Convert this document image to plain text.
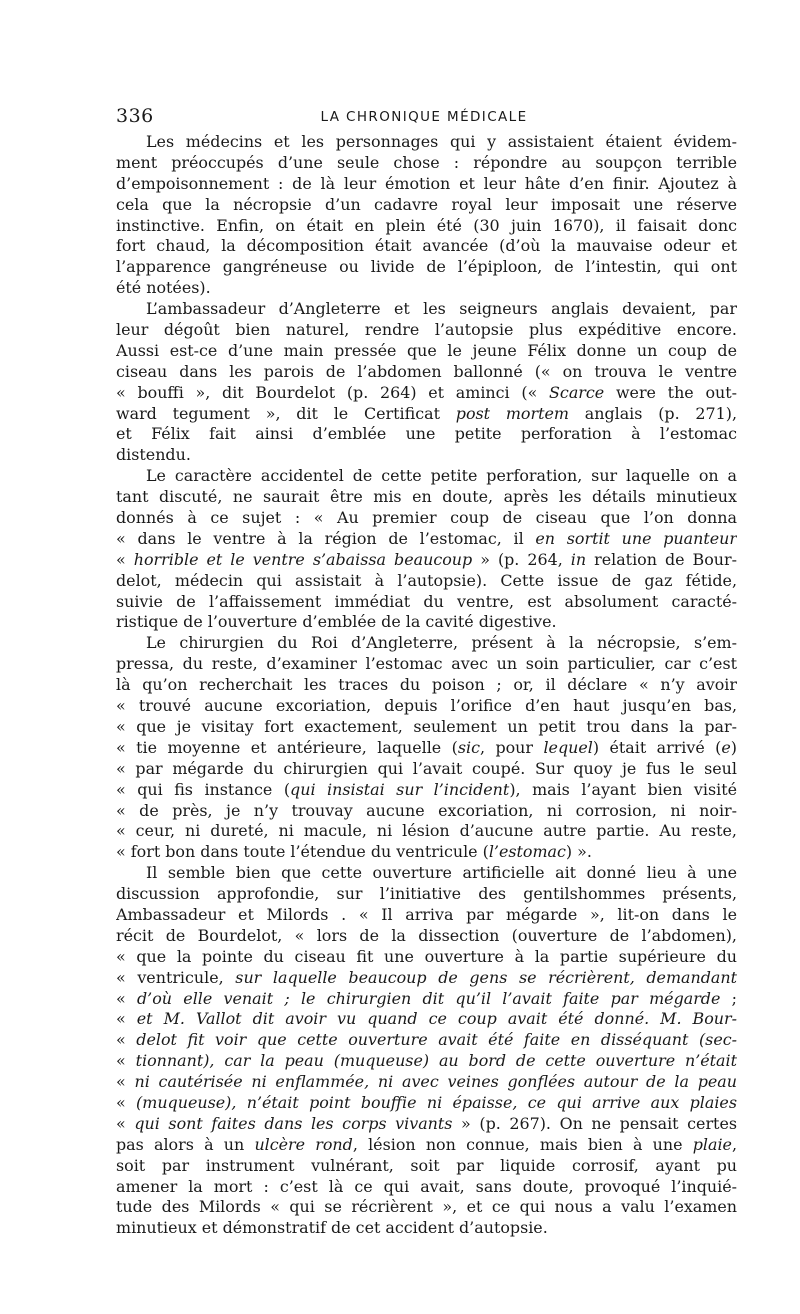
336	LA CHRONIQUE MÉDICALE
Les médecins et les personnages qui y assistaient étaient évidem-
ment préoccupés d’une seule chose : répondre au soupçon terrible
d’empoisonnement : de là leur émotion et leur hâte d’en finir. Ajoutez à
cela que la nécropsie d’un cadavre royal leur imposait une réserve
instinctive. Enfin, on était en plein été (30 juin 1670), il faisait donc
fort chaud, la décomposition était avancée (d’où la mauvaise odeur et
l’apparence gangréneuse ou livide de l’épiploon, de l’intestin, qui ont
été notées).
L’ambassadeur d’Angleterre et les seigneurs anglais devaient, par
leur dégoût bien naturel, rendre l’autopsie plus expéditive encore.
Aussi est-ce d’une main pressée que le jeune Félix donne un coup de
ciseau dans les parois de l’abdomen ballonné (« on trouva le ventre
« bouffi », dit Bourdelot (p. 264) et aminci (« Scarce were the out-
ward tegument », dit le Certificat post mortem anglais (p. 271),
et Félix fait ainsi d’emblée une petite perforation à l’estomac
distendu.
Le caractère accidentel de cette petite perforation, sur laquelle on a
tant discuté, ne saurait être mis en doute, après les détails minutieux
donnés à ce sujet : « Au premier coup de ciseau que l’on donna
« dans le ventre à la région de l’estomac, il en sortit une puanteur
« horrible et le ventre s’abaissa beaucoup » (p. 264, in relation de Bour-
delot, médecin qui assistait à l’autopsie). Cette issue de gaz fétide,
suivie de l’affaissement immédiat du ventre, est absolument caracté-
ristique de l’ouverture d’emblée de la cavité digestive.
Le chirurgien du Roi d’Angleterre, présent à la nécropsie, s’em-
pressa, du reste, d’examiner l’estomac avec un soin particulier, car c’est
là qu’on recherchait les traces du poison ; or, il déclare « n’y avoir
« trouvé aucune excoriation, depuis l’orifice d’en haut jusqu’en bas,
« que je visitay fort exactement, seulement un petit trou dans la par-
« tie moyenne et antérieure, laquelle (sic, pour lequel) était arrivé (e)
« par mégarde du chirurgien qui l’avait coupé. Sur quoy je fus le seul
« qui fis instance (qui insistai sur l’incident), mais l’ayant bien visité
« de près, je n’y trouvay aucune excoriation, ni corrosion, ni noir-
« ceur, ni dureté, ni macule, ni lésion d’aucune autre partie. Au reste,
« fort bon dans toute l’étendue du ventricule (l’estomac) ».
Il semble bien que cette ouverture artificielle ait donné lieu à une
discussion approfondie, sur l’initiative des gentilshommes présents,
Ambassadeur et Milords . « Il arriva par mégarde », lit-on dans le
récit de Bourdelot, « lors de la dissection (ouverture de l’abdomen),
« que la pointe du ciseau fit une ouverture à la partie supérieure du
« ventricule, sur laquelle beaucoup de gens se récrièrent, demandant
« d’où elle venait ; le chirurgien dit qu’il l’avait faite par mégarde ;
« et M. Vallot dit avoir vu quand ce coup avait été donné. M. Bour-
« delot fit voir que cette ouverture avait été faite en disséquant (sec-
« tionnant), car la peau (muqueuse) au bord de cette ouverture n’était
« ni cautérisée ni enflammée, ni avec veines gonflées autour de la peau
« (muqueuse), n’était point bouffie ni épaisse, ce qui arrive aux plaies
« qui sont faites dans les corps vivants » (p. 267). On ne pensait certes
pas alors à un ulcère rond, lésion non connue, mais bien à une plaie,
soit par instrument vulnérant, soit par liquide corrosif, ayant pu
amener la mort : c’est là ce qui avait, sans doute, provoqué l’inquié-
tude des Milords « qui se récrièrent », et ce qui nous a valu l’examen
minutieux et démonstratif de cet accident d’autopsie.
